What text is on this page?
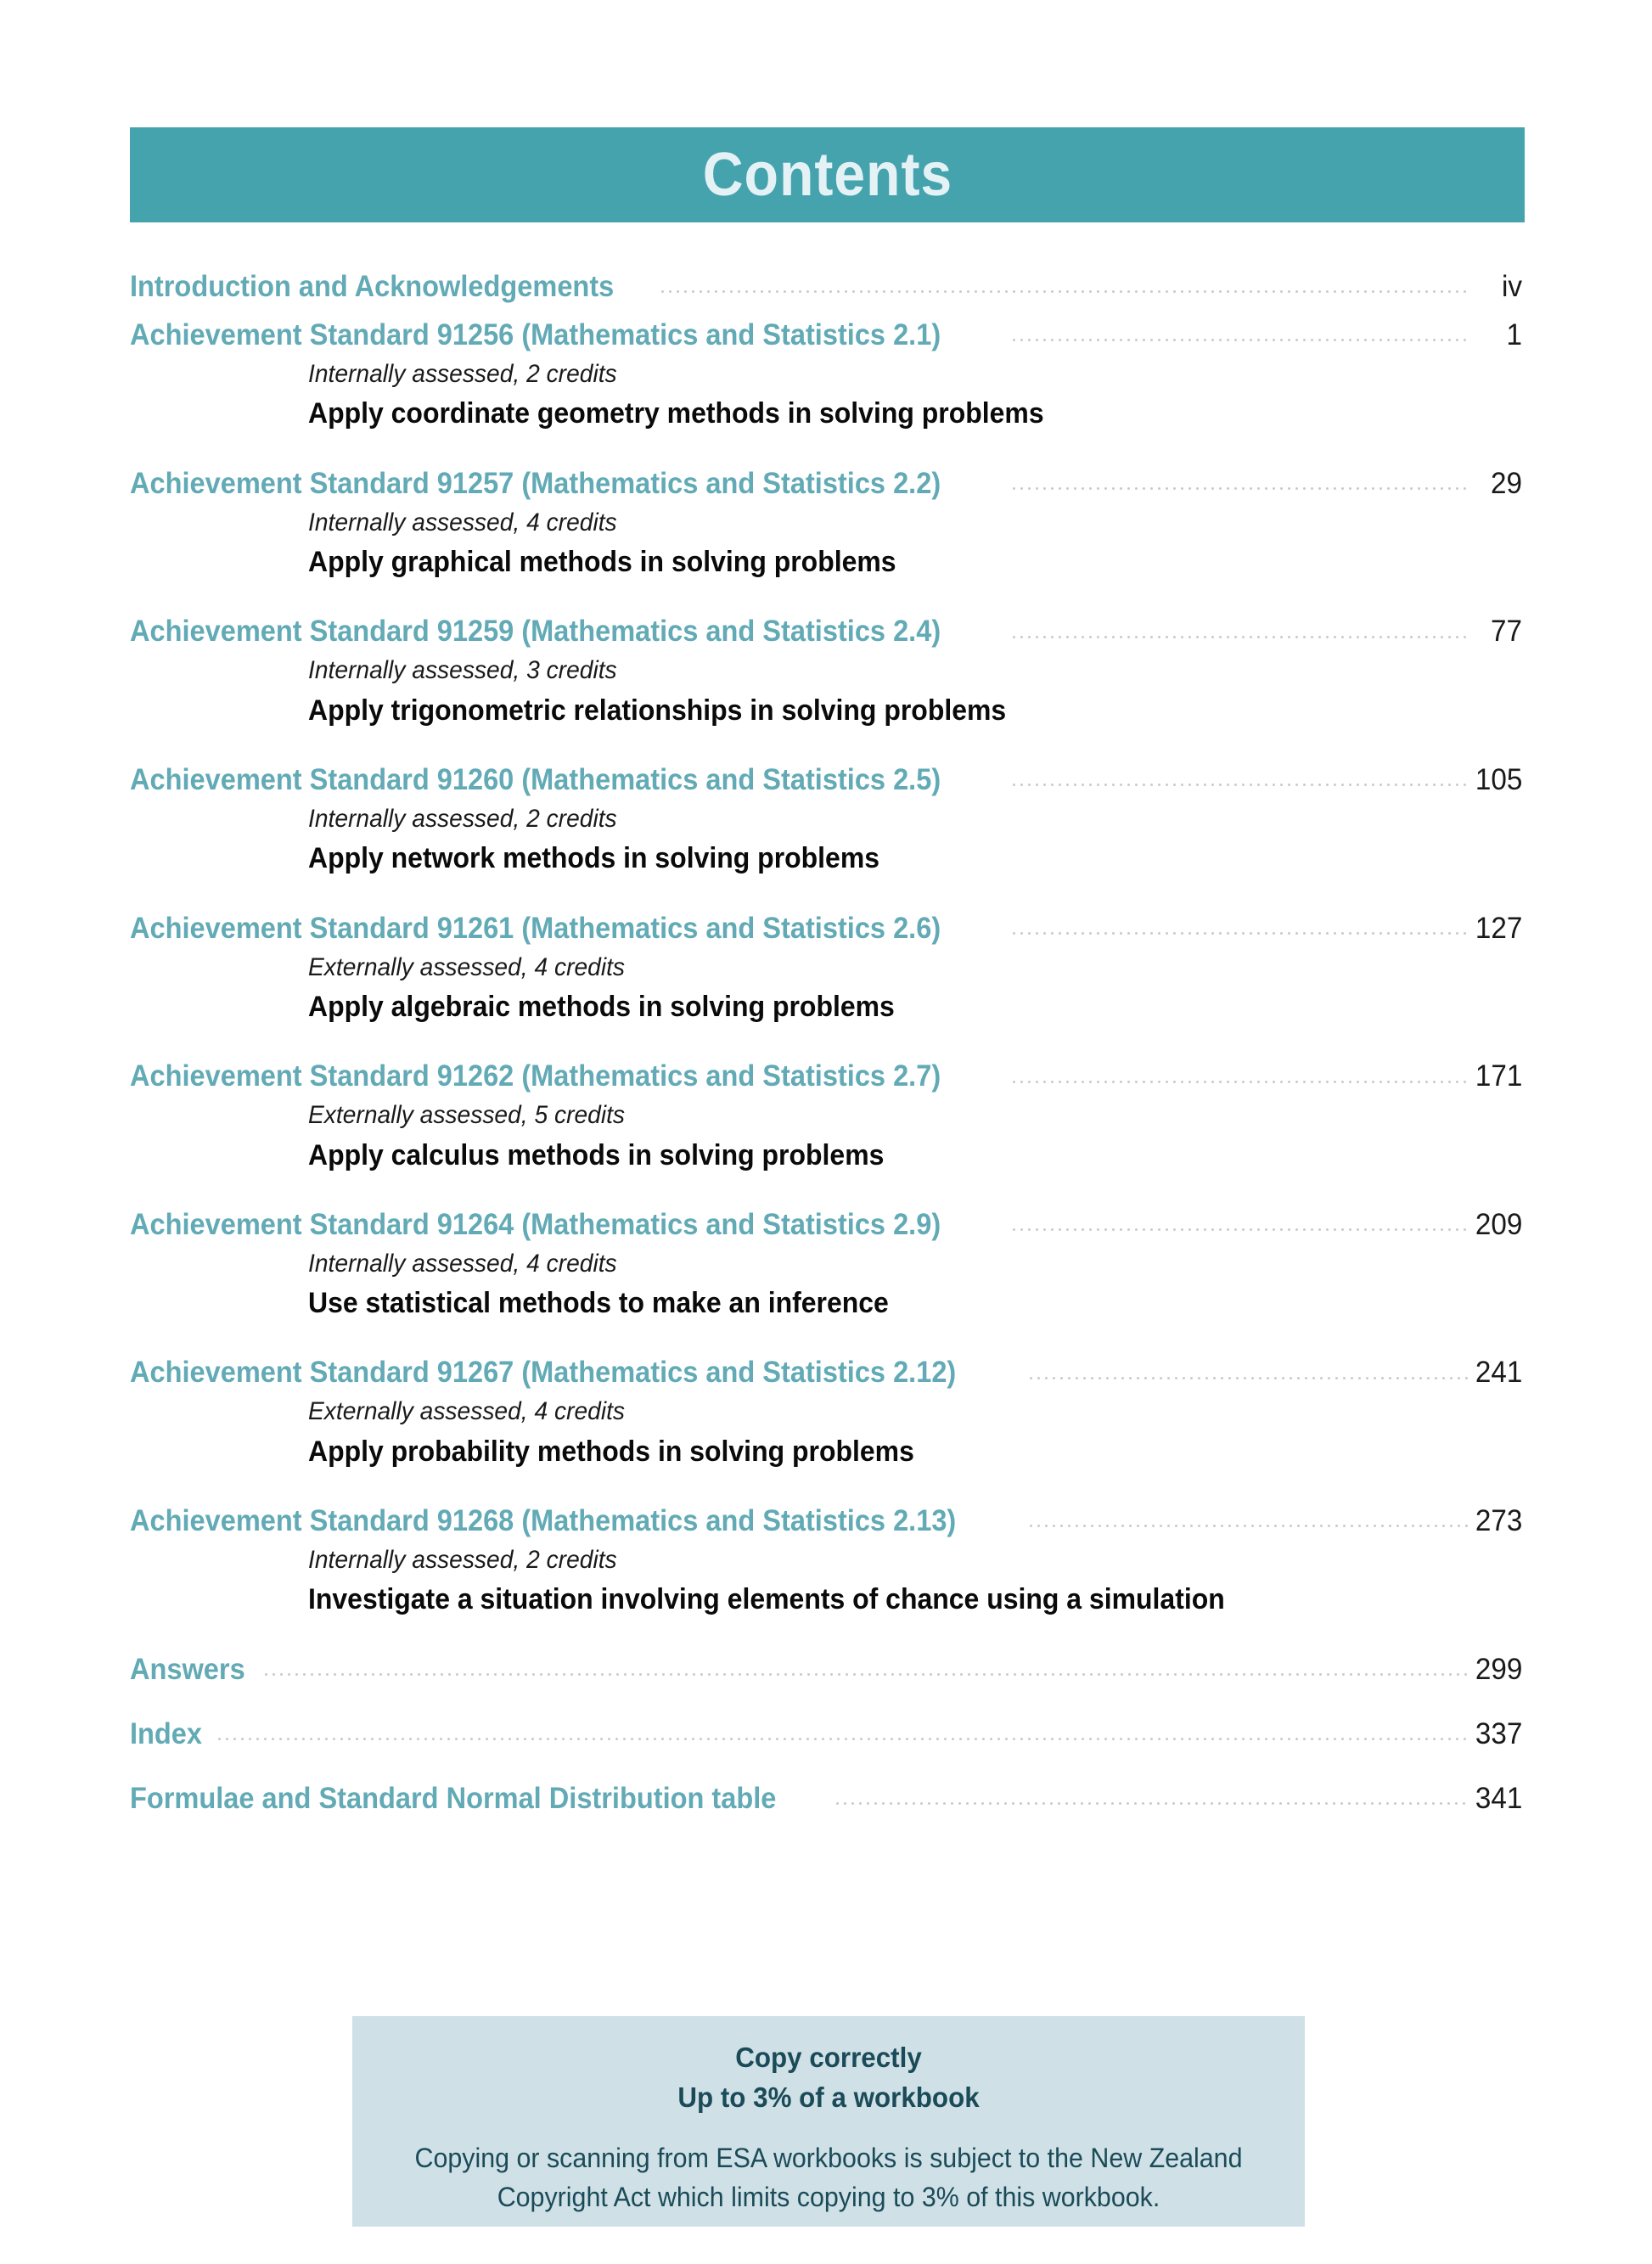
Contents
Introduction and Acknowledgements	iv
Achievement Standard 91256 (Mathematics and Statistics 2.1)	1
Internally assessed, 2 credits
Apply coordinate geometry methods in solving problems
Achievement Standard 91257 (Mathematics and Statistics 2.2)	29
Internally assessed, 4 credits
Apply graphical methods in solving problems
Achievement Standard 91259 (Mathematics and Statistics 2.4)	77
Internally assessed, 3 credits
Apply trigonometric relationships in solving problems
Achievement Standard 91260 (Mathematics and Statistics 2.5)	105
Internally assessed, 2 credits
Apply network methods in solving problems
Achievement Standard 91261 (Mathematics and Statistics 2.6)	127
Externally assessed, 4 credits
Apply algebraic methods in solving problems
Achievement Standard 91262 (Mathematics and Statistics 2.7)	171
Externally assessed, 5 credits
Apply calculus methods in solving problems
Achievement Standard 91264 (Mathematics and Statistics 2.9)	209
Internally assessed, 4 credits
Use statistical methods to make an inference
Achievement Standard 91267 (Mathematics and Statistics 2.12)	241
Externally assessed, 4 credits
Apply probability methods in solving problems
Achievement Standard 91268 (Mathematics and Statistics 2.13)	273
Internally assessed, 2 credits
Investigate a situation involving elements of chance using a simulation
Answers	299
Index	337
Formulae and Standard Normal Distribution table	341
Copy correctly
Up to 3% of a workbook
Copying or scanning from ESA workbooks is subject to the New Zealand
Copyright Act which limits copying to 3% of this workbook.
